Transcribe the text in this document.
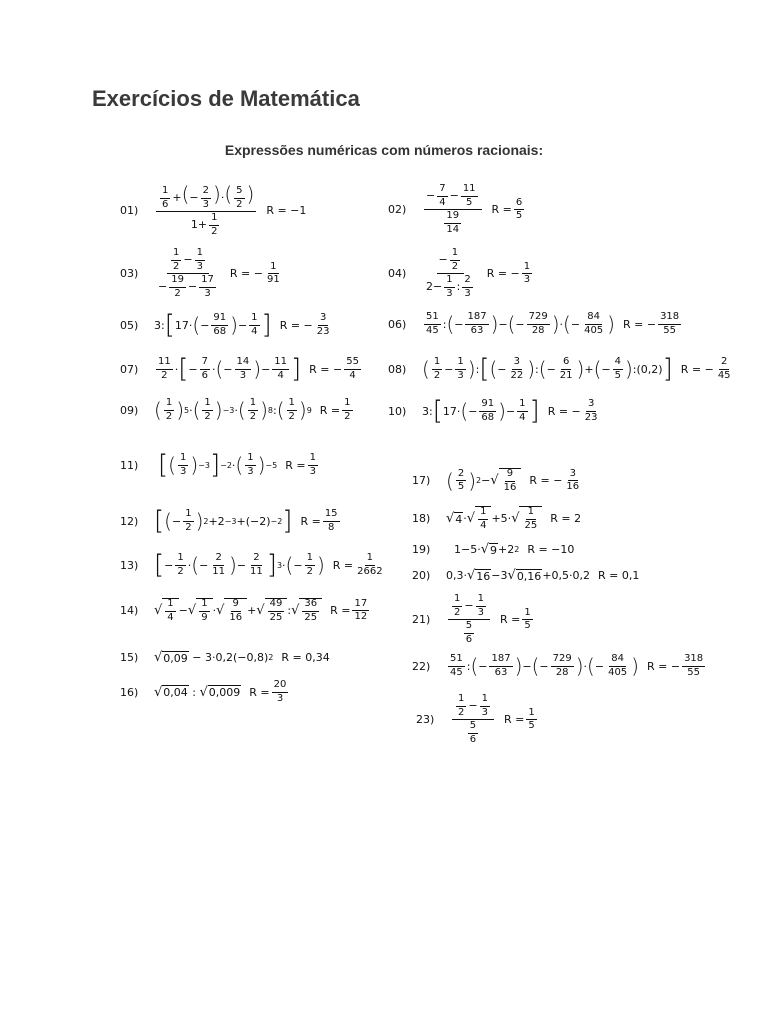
Exercícios de Matemática
Expressões numéricas com números racionais:
01)
$\frac{1}{6}$ +(− $\frac{2}{3}$ )·( $\frac{5}{2}$ )
$1+ \frac{1}{2}$
R = −1	02)
− $\frac{7}{4} - \frac{11}{5}$
$\frac{19}{14}$
$R = \frac{6}{5}$
03)
$\frac{1}{2} - \frac{1}{3}$
− $\frac{19}{2} - \frac{17}{3}$
R = − $\frac{1}{91}$	04)
− $\frac{1}{2}$
$2- \frac{1}{3}$ : $\frac{2}{3}$
R = − $\frac{1}{3}$
05)	3: [ 17· ( −
91
68 ) −
1
4 ] R = − $\frac{3}{23}$	06)
51
45 : ( −
187
63 ) − ( −
729
28 ) · ( −
84
405 ) R = − $\frac{318}{55}$
07)
11
2 · [ −
7
6 · ( −
14
3 ) −
11
4 ] R = − $\frac{55}{4} 08$) ( 1
2 −
1
3 ) : [ ( −
3
22 ) : ( −
6
21 ) + ( −
4
5 ) :(0,2) ] R = − $\frac{2}{45}$
09) ( 1
2 ) 5 · ( 1
2 ) −3 · ( 1
2 ) 8 : ( 1
2 ) 9 $R = \frac{1}{2}$	10)	3: [ 17· ( −
91
68 ) −
1
4 ] R = − $\frac{3}{23}$
11) [ ( 1
3 ) −3 ] −2 · ( 1
3 ) −5 $R = \frac{1}{3}$
12) [ ( −
1
2 ) 2 +2 −3 +(−2) −2 ] $R = \frac{15}{8}$
13) [ −
1
2 · ( −
2
11 ) −
2
11 ] 3 · ( −
1
2 ) $R = \frac{1}{2662}$
14)	√ 1
4 − √ 1
9 · √ 9
16 + √ 49
25 : √ 36
25 $R = \frac{17}{12}$
15)	√ 0,09 − 3·0,2(−0,8) 2 R = 0,34
16)	√ 0,04 : √ 0,009 $R = \frac{20}{3}$
17) ( 2
5 ) 2 − √ 9
16 R = − $\frac{3}{16}$
18)	√ 4 · √ 1
4 +5· √ 1
25 R = 2
19)	1−5· √ 9 +2 2 R = −10
20)	0,3· √ 16 −3 √ 0,16 +0,5·0,2 R = 0,1
21)
$\frac{1}{2} - \frac{1}{3}$
$\frac{5}{6}$
$R = \frac{1}{5}$
22)
51
45 : ( −
187
63 ) − ( −
729
28 ) · ( −
84
405 ) R = − $\frac{318}{55}$
23)
$\frac{1}{2} - \frac{1}{3}$
$\frac{5}{6}$
$R = \frac{1}{5}$
